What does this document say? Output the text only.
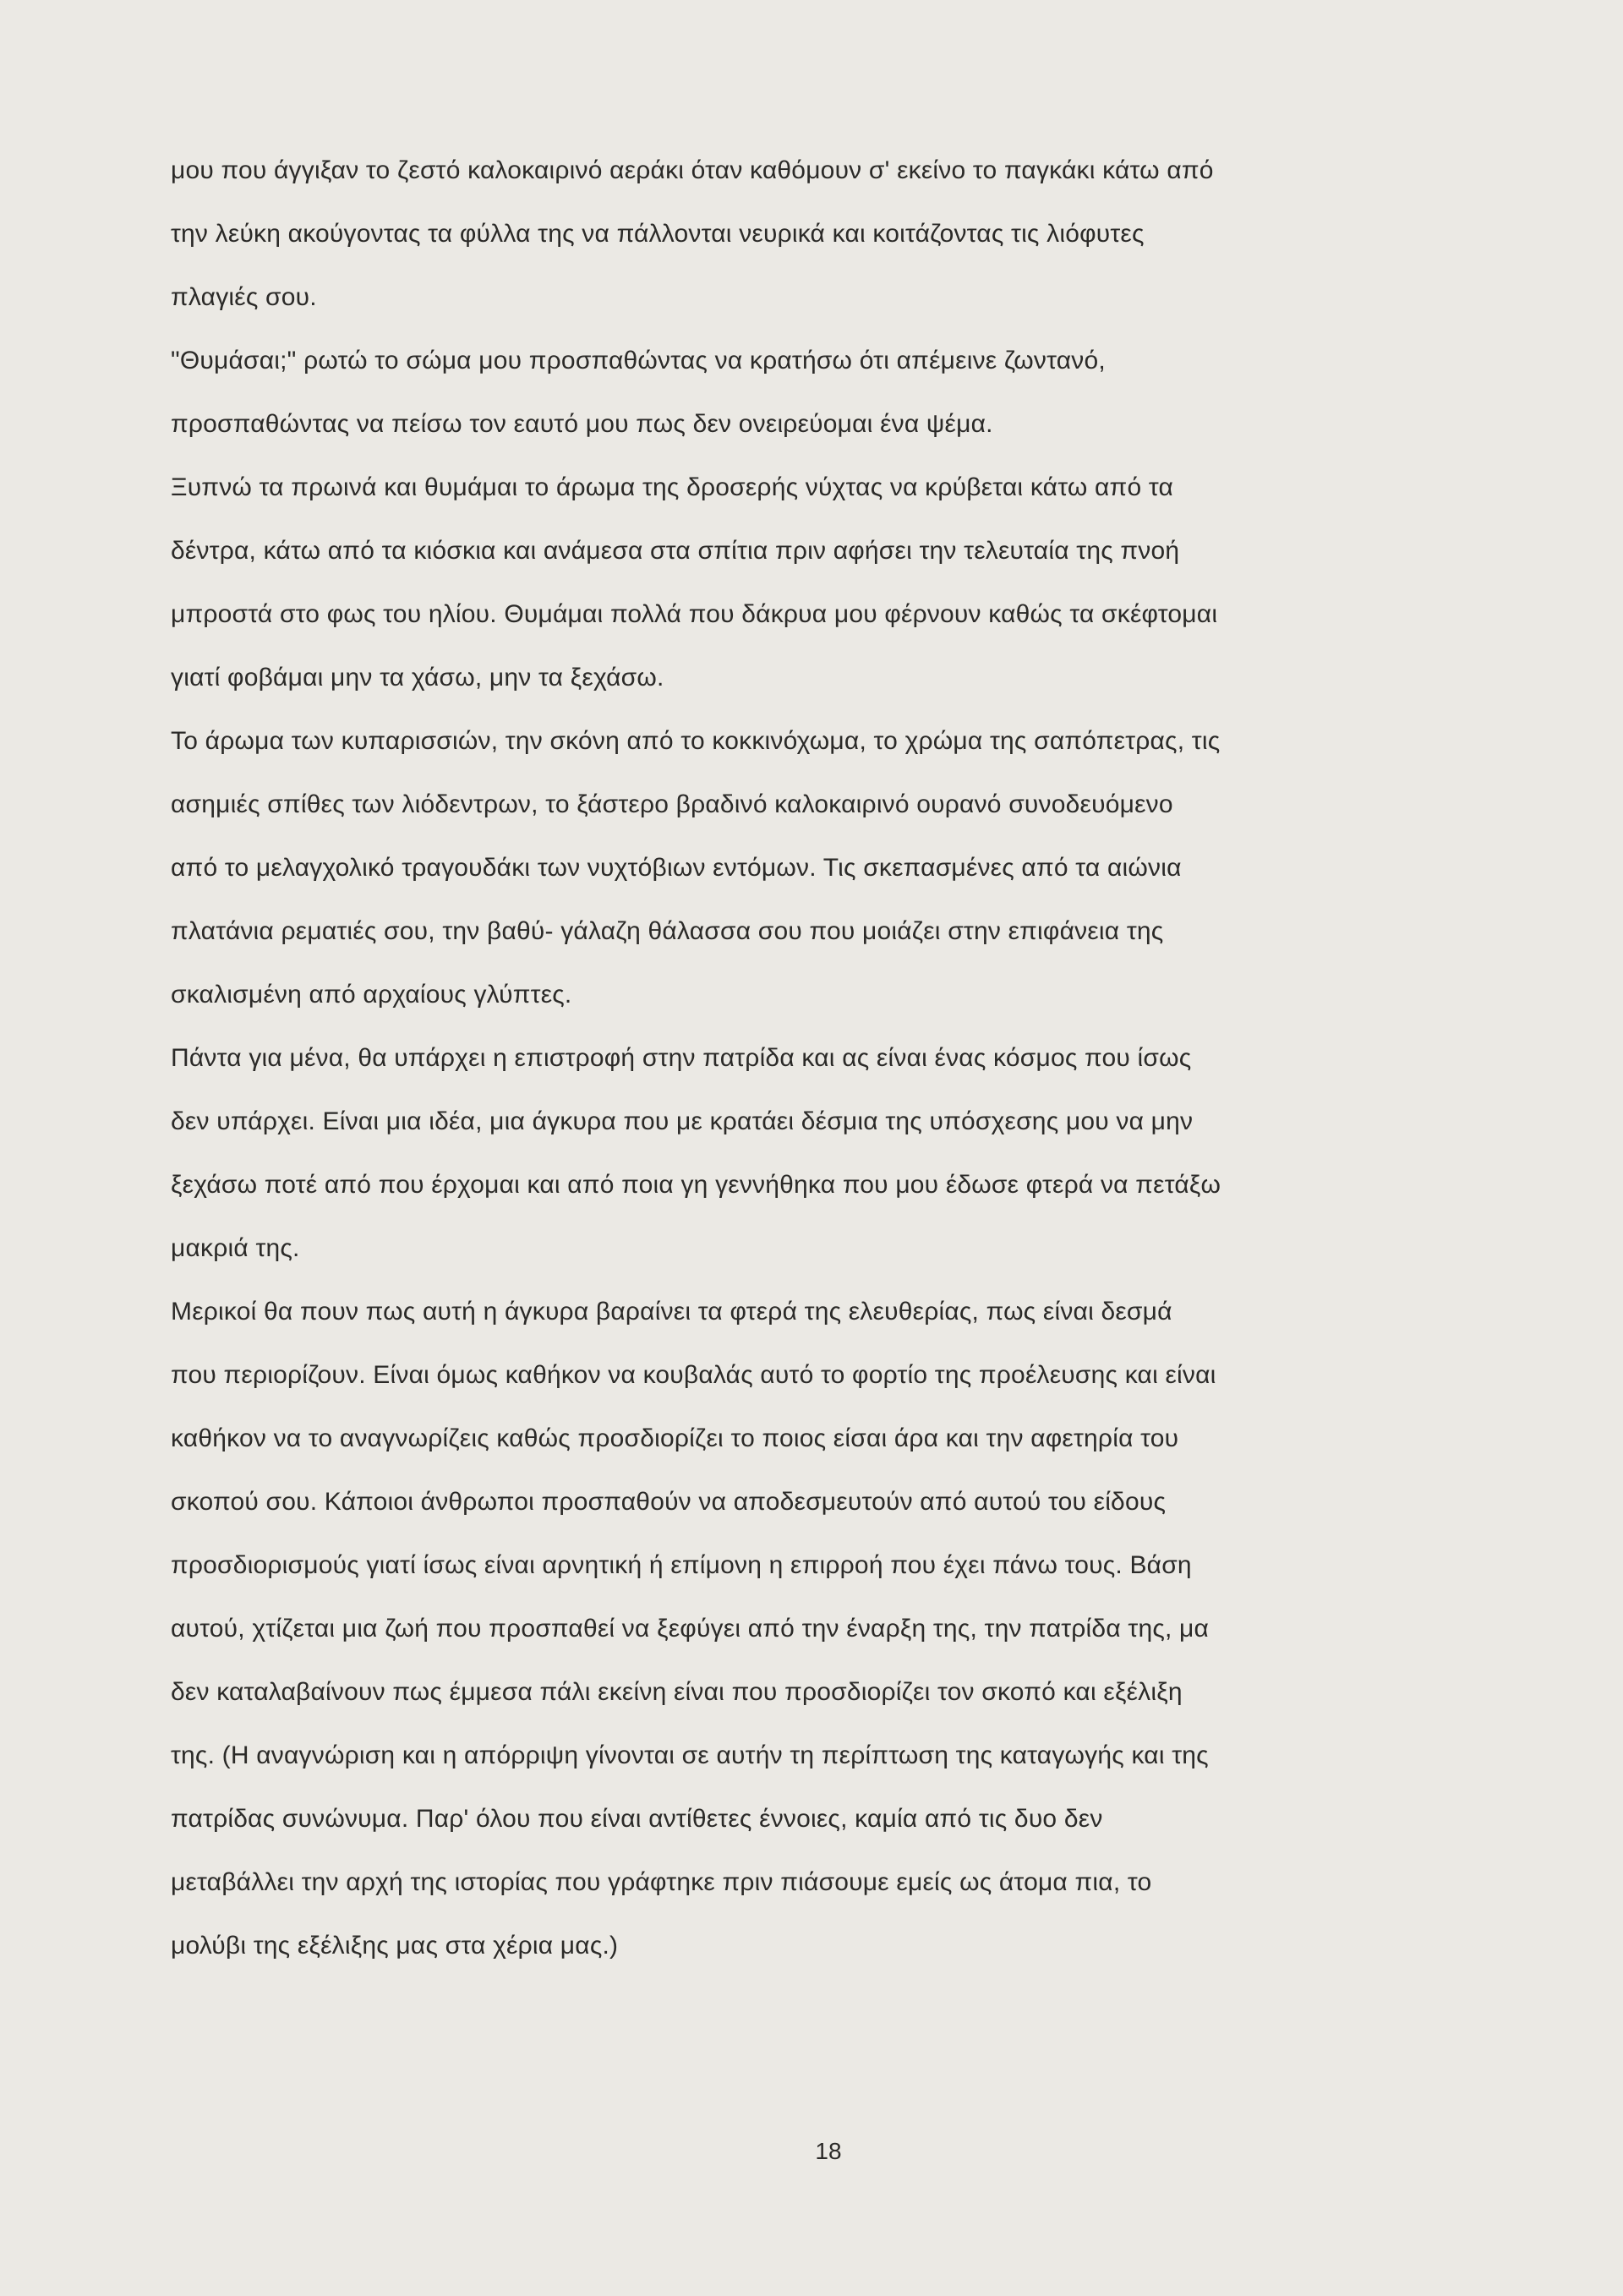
μου που άγγιξαν το ζεστό καλοκαιρινό αεράκι όταν καθόμουν σ' εκείνο το παγκάκι κάτω από
την λεύκη ακούγοντας τα φύλλα της να πάλλονται νευρικά και κοιτάζοντας τις λιόφυτες
πλαγιές σου.
"Θυμάσαι;" ρωτώ το σώμα μου προσπαθώντας να κρατήσω ότι απέμεινε ζωντανό,
προσπαθώντας να πείσω τον εαυτό μου πως δεν ονειρεύομαι ένα ψέμα.
Ξυπνώ τα πρωινά και θυμάμαι το άρωμα της δροσερής νύχτας να κρύβεται κάτω από τα
δέντρα, κάτω από τα κιόσκια και ανάμεσα στα σπίτια πριν αφήσει την τελευταία της πνοή
μπροστά στο φως του ηλίου. Θυμάμαι πολλά που δάκρυα μου φέρνουν καθώς τα σκέφτομαι
γιατί φοβάμαι μην τα χάσω, μην τα ξεχάσω.
Το άρωμα των κυπαρισσιών, την σκόνη από το κοκκινόχωμα, το χρώμα της σαπόπετρας, τις
ασημιές σπίθες των λιόδεντρων, το ξάστερο βραδινό καλοκαιρινό ουρανό συνοδευόμενο
από το μελαγχολικό τραγουδάκι των νυχτόβιων εντόμων. Τις σκεπασμένες από τα αιώνια
πλατάνια ρεματιές σου, την βαθύ- γάλαζη θάλασσα σου που μοιάζει στην επιφάνεια της
σκαλισμένη από αρχαίους γλύπτες.
Πάντα για μένα, θα υπάρχει η επιστροφή στην πατρίδα και ας είναι ένας κόσμος που ίσως
δεν υπάρχει. Είναι μια ιδέα, μια άγκυρα που με κρατάει δέσμια της υπόσχεσης μου να μην
ξεχάσω ποτέ από που έρχομαι και από ποια γη γεννήθηκα που μου έδωσε φτερά να πετάξω
μακριά της.
Μερικοί θα πουν πως αυτή η άγκυρα βαραίνει τα φτερά της ελευθερίας, πως είναι δεσμά
που περιορίζουν. Είναι όμως καθήκον να κουβαλάς αυτό το φορτίο της προέλευσης και είναι
καθήκον να το αναγνωρίζεις καθώς προσδιορίζει το ποιος είσαι άρα και την αφετηρία του
σκοπού σου. Κάποιοι άνθρωποι προσπαθούν να αποδεσμευτούν από αυτού του είδους
προσδιορισμούς γιατί ίσως είναι αρνητική ή επίμονη η επιρροή που έχει πάνω τους. Βάση
αυτού, χτίζεται μια ζωή που προσπαθεί να ξεφύγει από την έναρξη της, την πατρίδα της, μα
δεν καταλαβαίνουν πως έμμεσα πάλι εκείνη είναι που προσδιορίζει τον σκοπό και εξέλιξη
της. (Η αναγνώριση και η απόρριψη γίνονται σε αυτήν τη περίπτωση της καταγωγής και της
πατρίδας συνώνυμα. Παρ' όλου που είναι αντίθετες έννοιες, καμία από τις δυο δεν
μεταβάλλει την αρχή της ιστορίας που γράφτηκε πριν πιάσουμε εμείς ως άτομα πια, το
μολύβι της εξέλιξης μας στα χέρια μας.)
18
